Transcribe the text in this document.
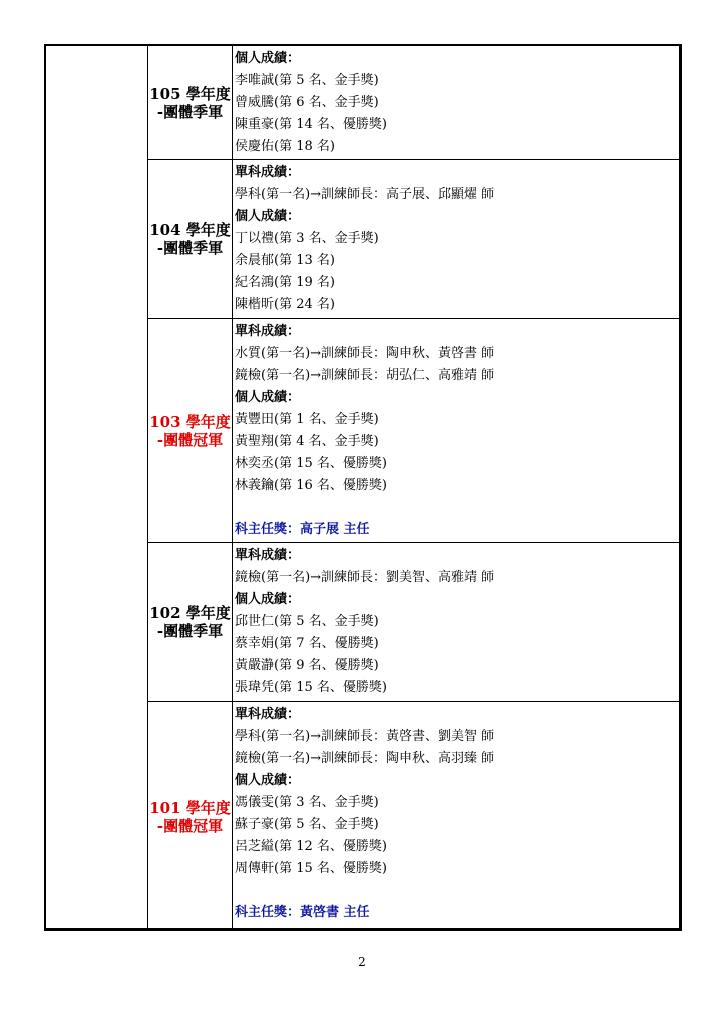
105 學年度
-團體季軍
個人成績：
李唯誠(第 5 名、金手獎)
曾威騰(第 6 名、金手獎)
陳重豪(第 14 名、優勝獎)
侯慶佑(第 18 名)
104 學年度
-團體季軍
單科成績：
學科(第一名)→訓練師長：高子展、邱顯燿 師
個人成績：
丁以禮(第 3 名、金手獎)
余晨郁(第 13 名)
紀名鴻(第 19 名)
陳楷昕(第 24 名)
103 學年度
-團體冠軍
單科成績：
水質(第一名)→訓練師長：陶申秋、黃啓書 師
鏡檢(第一名)→訓練師長：胡弘仁、高雅靖 師
個人成績：
黃豐田(第 1 名、金手獎)
黃聖翔(第 4 名、金手獎)
林奕丞(第 15 名、優勝獎)
林義鑰(第 16 名、優勝獎)
科主任獎：高子展 主任
102 學年度
-團體季軍
單科成績：
鏡檢(第一名)→訓練師長：劉美智、高雅靖 師
個人成績：
邱世仁(第 5 名、金手獎)
蔡幸娟(第 7 名、優勝獎)
黃嚴瀞(第 9 名、優勝獎)
張瑋凭(第 15 名、優勝獎)
101 學年度
-團體冠軍
單科成績：
學科(第一名)→訓練師長：黃啓書、劉美智 師
鏡檢(第一名)→訓練師長：陶申秋、高羽臻 師
個人成績：
馮儀雯(第 3 名、金手獎)
蘇子豪(第 5 名、金手獎)
呂芝縊(第 12 名、優勝獎)
周傳軒(第 15 名、優勝獎)
科主任獎：黃啓書 主任
2
